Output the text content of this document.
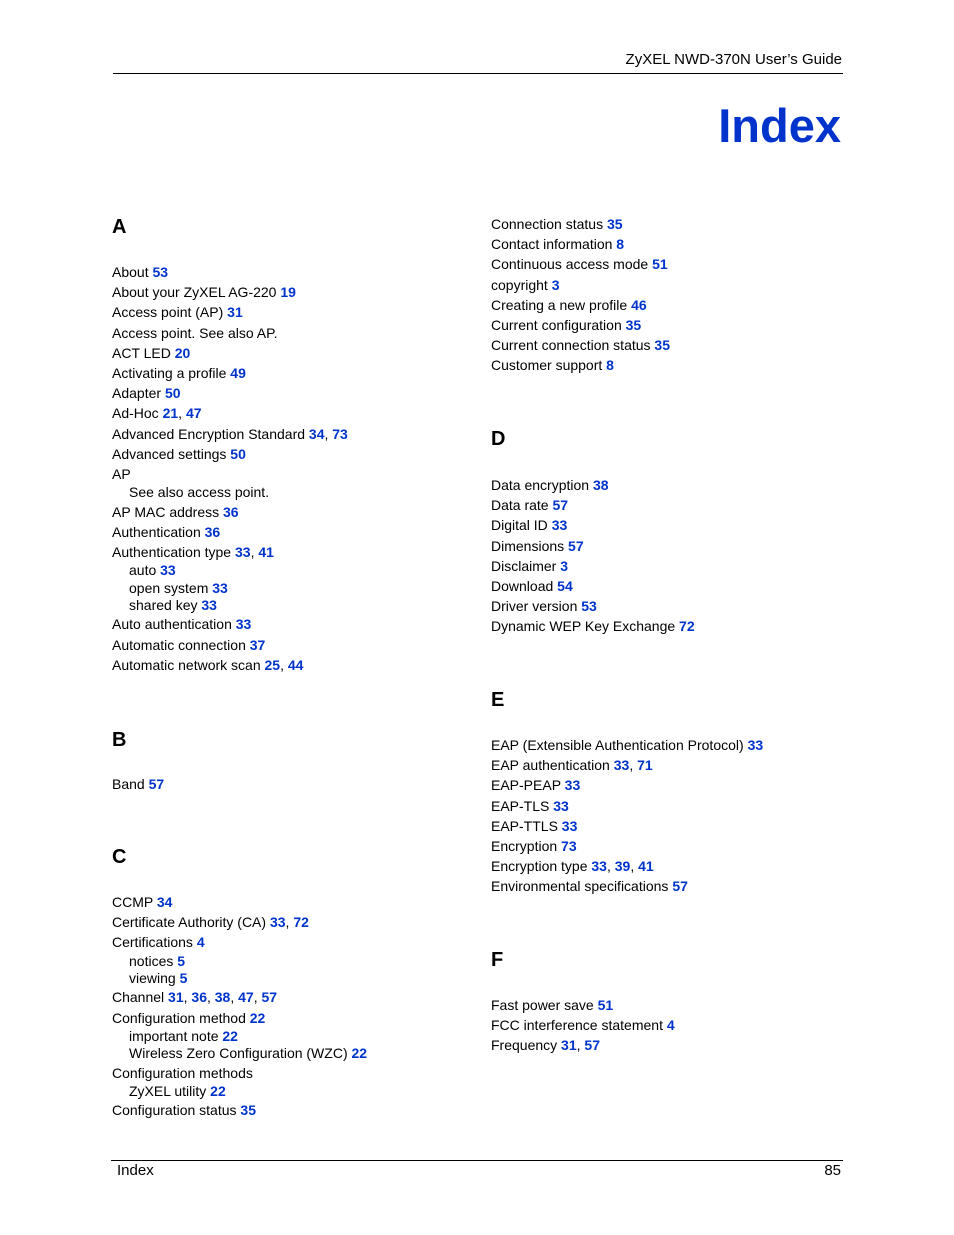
ZyXEL NWD-370N User’s Guide
Index
A
About 53
About your ZyXEL AG-220 19
Access point (AP) 31
Access point. See also AP.
ACT LED 20
Activating a profile 49
Adapter 50
Ad-Hoc 21, 47
Advanced Encryption Standard 34, 73
Advanced settings 50
AP
See also access point.
AP MAC address 36
Authentication 36
Authentication type 33, 41
auto 33
open system 33
shared key 33
Auto authentication 33
Automatic connection 37
Automatic network scan 25, 44
B
Band 57
C
CCMP 34
Certificate Authority (CA) 33, 72
Certifications 4
notices 5
viewing 5
Channel 31, 36, 38, 47, 57
Configuration method 22
important note 22
Wireless Zero Configuration (WZC) 22
Configuration methods
ZyXEL utility 22
Configuration status 35
Connection status 35
Contact information 8
Continuous access mode 51
copyright 3
Creating a new profile 46
Current configuration 35
Current connection status 35
Customer support 8
D
Data encryption 38
Data rate 57
Digital ID 33
Dimensions 57
Disclaimer 3
Download 54
Driver version 53
Dynamic WEP Key Exchange 72
E
EAP (Extensible Authentication Protocol) 33
EAP authentication 33, 71
EAP-PEAP 33
EAP-TLS 33
EAP-TTLS 33
Encryption 73
Encryption type 33, 39, 41
Environmental specifications 57
F
Fast power save 51
FCC interference statement 4
Frequency 31, 57
Index	85
